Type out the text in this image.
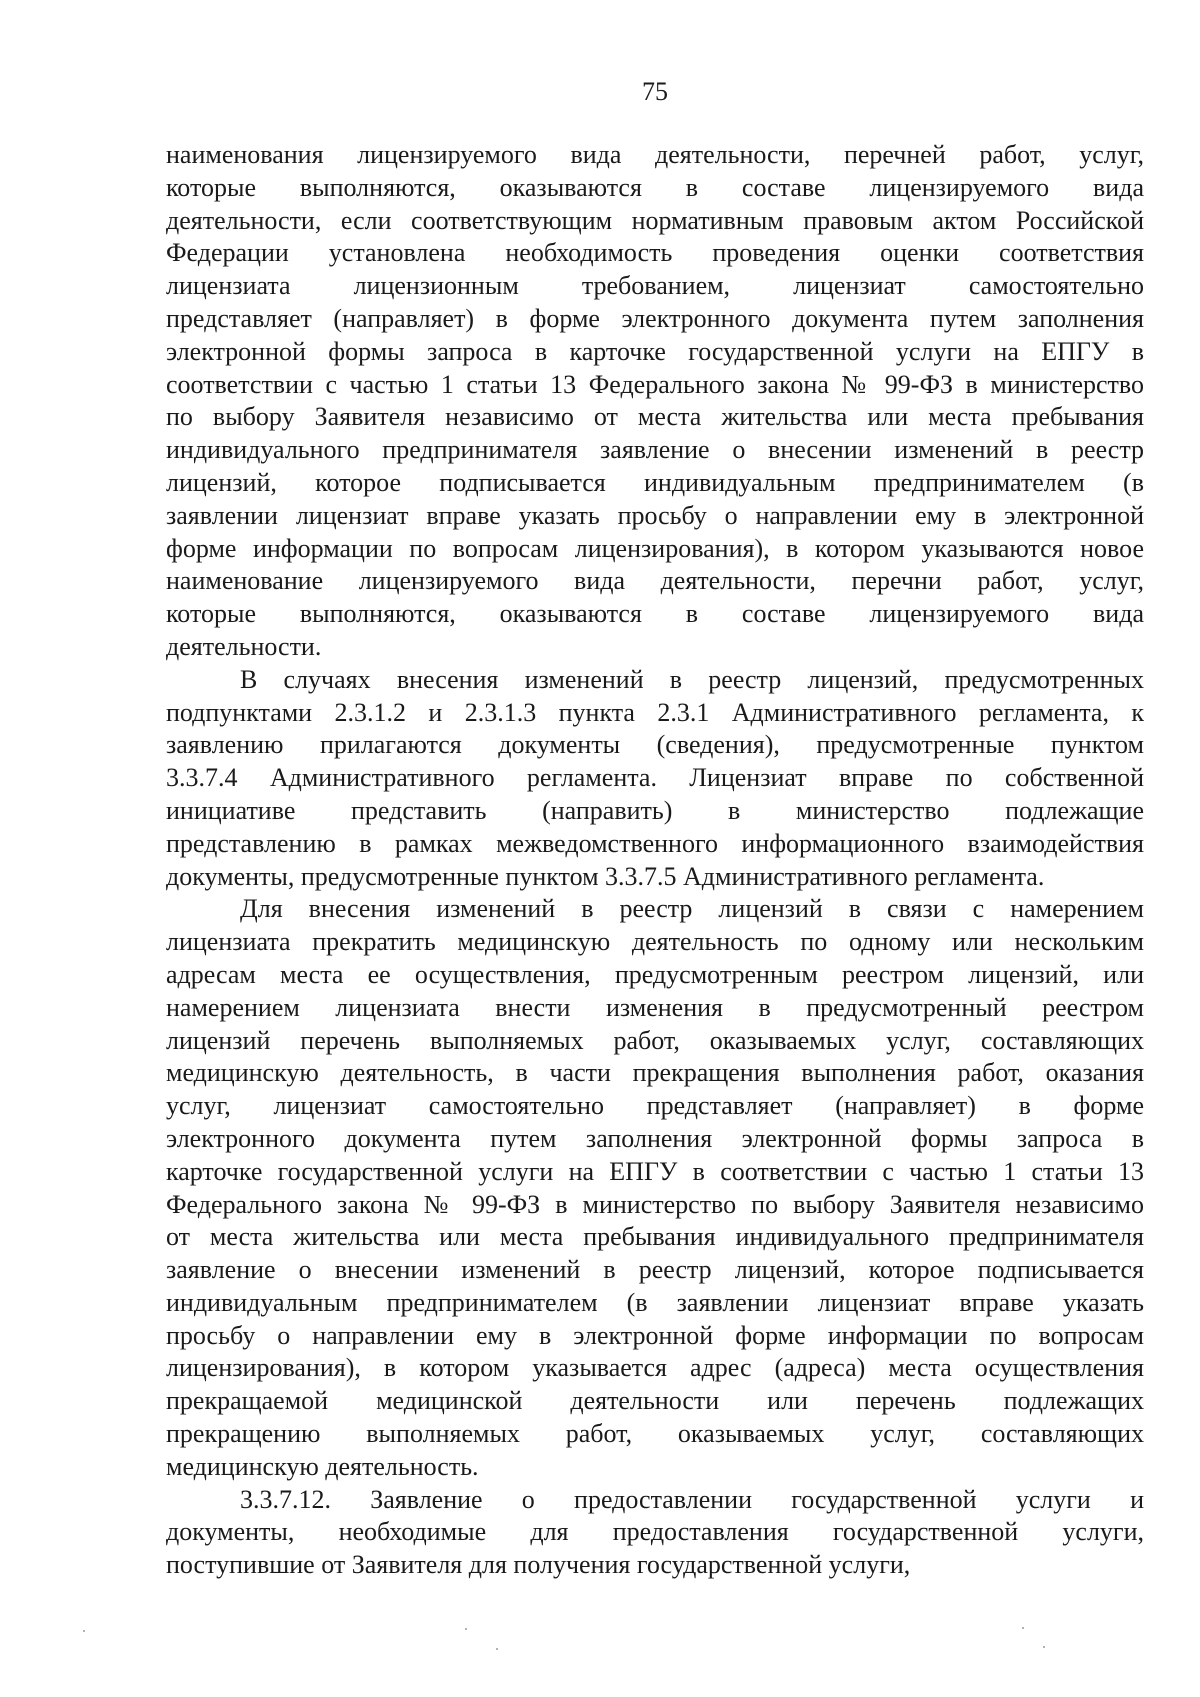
75
наименования лицензируемого вида деятельности, перечней работ, услуг,
которые выполняются, оказываются в составе лицензируемого вида
деятельности, если соответствующим нормативным правовым актом Российской
Федерации установлена необходимость проведения оценки соответствия
лицензиата лицензионным требованием, лицензиат самостоятельно
представляет (направляет) в форме электронного документа путем заполнения
электронной формы запроса в карточке государственной услуги на ЕПГУ в
соответствии с частью 1 статьи 13 Федерального закона № 99-ФЗ в министерство
по выбору Заявителя независимо от места жительства или места пребывания
индивидуального предпринимателя заявление о внесении изменений в реестр
лицензий, которое подписывается индивидуальным предпринимателем (в
заявлении лицензиат вправе указать просьбу о направлении ему в электронной
форме информации по вопросам лицензирования), в котором указываются новое
наименование лицензируемого вида деятельности, перечни работ, услуг,
которые выполняются, оказываются в составе лицензируемого вида
деятельности.
В случаях внесения изменений в реестр лицензий, предусмотренных
подпунктами 2.3.1.2 и 2.3.1.3 пункта 2.3.1 Административного регламента, к
заявлению прилагаются документы (сведения), предусмотренные пунктом
3.3.7.4 Административного регламента. Лицензиат вправе по собственной
инициативе представить (направить) в министерство подлежащие
представлению в рамках межведомственного информационного взаимодействия
документы, предусмотренные пунктом 3.3.7.5 Административного регламента.
Для внесения изменений в реестр лицензий в связи с намерением
лицензиата прекратить медицинскую деятельность по одному или нескольким
адресам места ее осуществления, предусмотренным реестром лицензий, или
намерением лицензиата внести изменения в предусмотренный реестром
лицензий перечень выполняемых работ, оказываемых услуг, составляющих
медицинскую деятельность, в части прекращения выполнения работ, оказания
услуг, лицензиат самостоятельно представляет (направляет) в форме
электронного документа путем заполнения электронной формы запроса в
карточке государственной услуги на ЕПГУ в соответствии с частью 1 статьи 13
Федерального закона № 99-ФЗ в министерство по выбору Заявителя независимо
от места жительства или места пребывания индивидуального предпринимателя
заявление о внесении изменений в реестр лицензий, которое подписывается
индивидуальным предпринимателем (в заявлении лицензиат вправе указать
просьбу о направлении ему в электронной форме информации по вопросам
лицензирования), в котором указывается адрес (адреса) места осуществления
прекращаемой медицинской деятельности или перечень подлежащих
прекращению выполняемых работ, оказываемых услуг, составляющих
медицинскую деятельность.
3.3.7.12. Заявление о предоставлении государственной услуги и
документы, необходимые для предоставления государственной услуги,
поступившие от Заявителя для получения государственной услуги,
